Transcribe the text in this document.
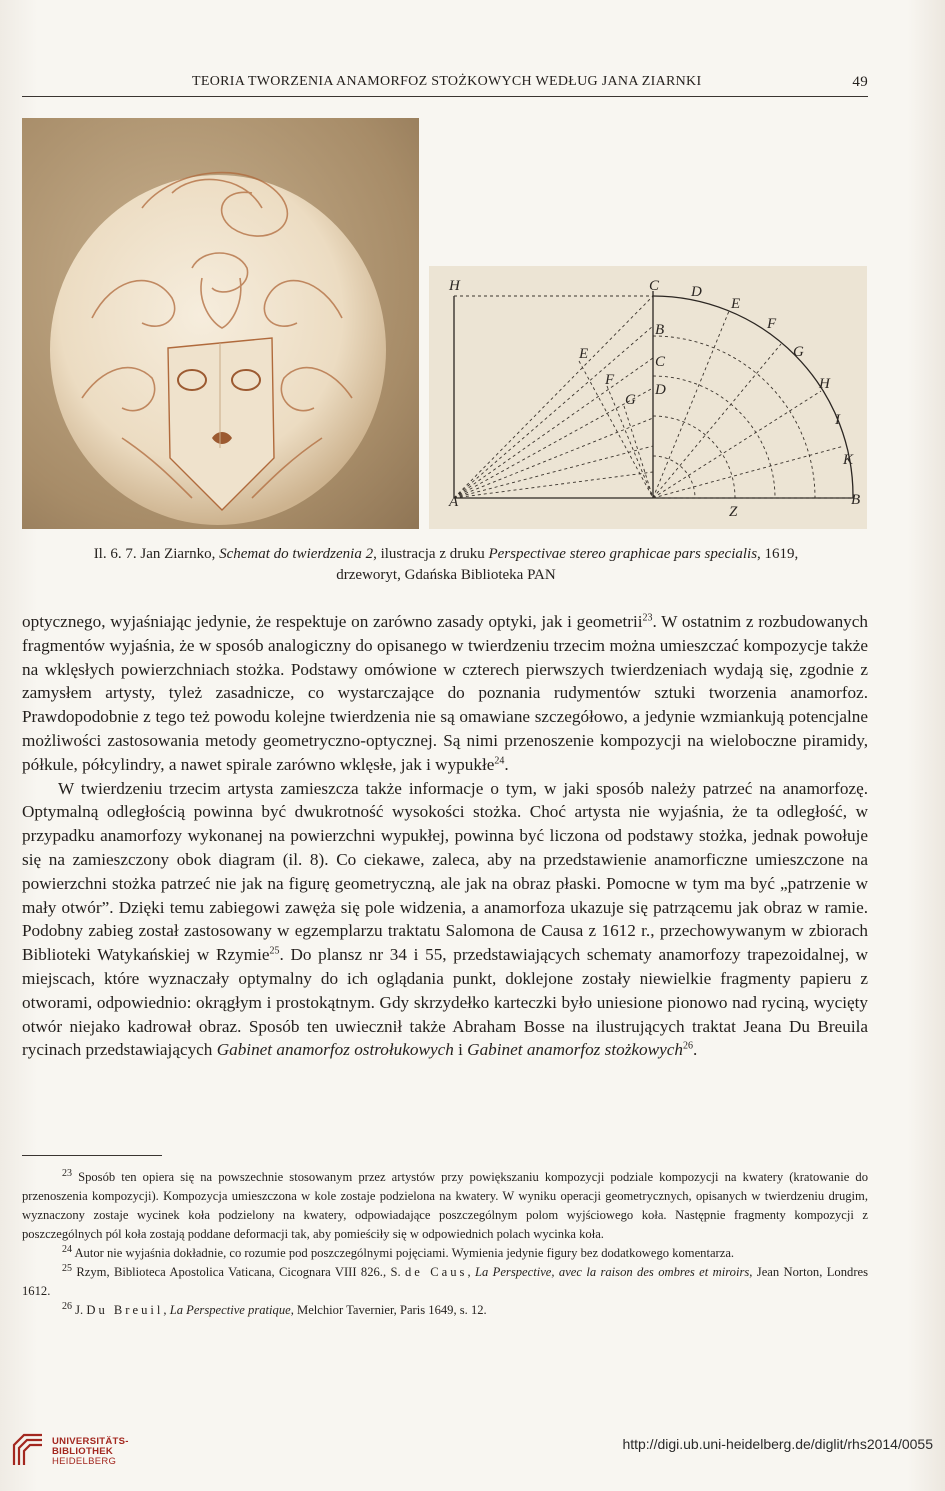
TEORIA TWORZENIA ANAMORFOZ STOŻKOWYCH WEDŁUG JANA ZIARNKI	49
H	C D
E
F
G
H
I
K
B
A
B
C
D
E
F
G
Z
Il. 6. 7. Jan Ziarnko, Schemat do twierdzenia 2, ilustracja z druku Perspectivae stereo graphicae pars specialis, 1619,
drzeworyt, Gdańska Biblioteka PAN

optycznego, wyjaśniając jedynie, że respektuje on zarówno zasady optyki, jak i geometrii$^{23}$. W ostatnim z rozbudowanych fragmentów wyjaśnia, że w sposób analogiczny do opisanego w twierdzeniu trzecim można umieszczać kompozycje także na wklęsłych powierzchniach stożka. Podstawy omówione w czterech pierwszych twierdzeniach wydają się, zgodnie z zamysłem artysty, tyleż zasadnicze, co wystarczające do poznania rudymentów sztuki tworzenia anamorfoz. Prawdopodobnie z tego też powodu kolejne twierdzenia nie są omawiane szczegółowo, a jedynie wzmiankują potencjalne możliwości zastosowania metody geometryczno-optycznej. Są nimi przenoszenie kompozycji na wieloboczne piramidy, półkule, półcylindry, a nawet spirale zarówno wklęsłe, jak i wypukłe$^{24}$.

W twierdzeniu trzecim artysta zamieszcza także informacje o tym, w jaki sposób należy patrzeć na anamorfozę. Optymalną odległością powinna być dwukrotność wysokości stożka. Choć artysta nie wyjaśnia, że ta odległość, w przypadku anamorfozy wykonanej na powierzchni wypukłej, powinna być liczona od podstawy stożka, jednak powołuje się na zamieszczony obok diagram (il. 8). Co ciekawe, zaleca, aby na przedstawienie anamorficzne umieszczone na powierzchni stożka patrzeć nie jak na figurę geometryczną, ale jak na obraz płaski. Pomocne w tym ma być „patrzenie w mały otwór”. Dzięki temu zabiegowi zawęża się pole widzenia, a anamorfoza ukazuje się patrzącemu jak obraz w ramie. Podobny zabieg został zastosowany w egzemplarzu traktatu Salomona de Causa z 1612 r., przechowywanym w zbiorach Biblioteki Watykańskiej w Rzymie$^{25}$. Do plansz nr 34 i 55, przedstawiających schematy anamorfozy trapezoidalnej, w miejscach, które wyznaczały optymalny do ich oglądania punkt, doklejone zostały niewielkie fragmenty papieru z otworami, odpowiednio: okrągłym i prostokątnym. Gdy skrzydełko karteczki było uniesione pionowo nad ryciną, wycięty otwór niejako kadrował obraz. Sposób ten uwiecznił także Abraham Bosse na ilustrujących traktat Jeana Du Breuila rycinach przedstawiających Gabinet anamorfoz ostrołukowych i Gabinet anamorfoz stożkowych$^{26}$.

$^{23}$ Sposób ten opiera się na powszechnie stosowanym przez artystów przy powiększaniu kompozycji podziale kompozycji na kwatery (kratowanie do przenoszenia kompozycji). Kompozycja umieszczona w kole zostaje podzielona na kwatery. W wyniku operacji geometrycznych, opisanych w twierdzeniu drugim, wyznaczony zostaje wycinek koła podzielony na kwatery, odpowiadające poszczególnym polom wyjściowego koła. Następnie fragmenty kompozycji z poszczególnych pól koła zostają poddane deformacji tak, aby pomieściły się w odpowiednich polach wycinka koła.

$^{24}$ Autor nie wyjaśnia dokładnie, co rozumie pod poszczególnymi pojęciami. Wymienia jedynie figury bez dodatkowego komentarza.

$^{25}$ Rzym, Biblioteca Apostolica Vaticana, Cicognara VIII 826., S. de Caus, La Perspective, avec la raison des ombres et miroirs, Jean Norton, Londres 1612.

$^{26}$ J. Du Breuil, La Perspective pratique, Melchior Tavernier, Paris 1649, s. 12.

UNIVERSITÄTS-
BIBLIOTHEK
HEIDELBERG
http://digi.ub.uni-heidelberg.de/diglit/rhs2014/0055
